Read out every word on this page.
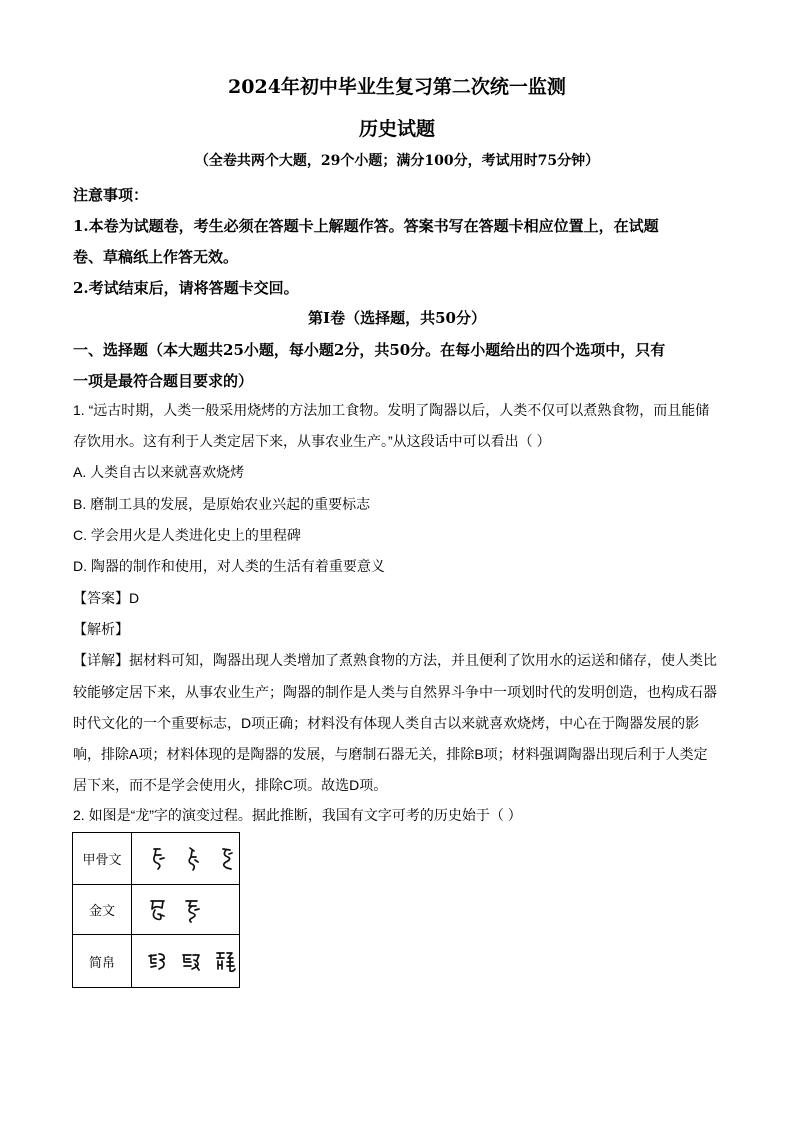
2024年初中毕业生复习第二次统一监测
历史试题
（全卷共两个大题，29个小题；满分100分，考试用时75分钟）
注意事项：
1.本卷为试题卷，考生必须在答题卡上解题作答。答案书写在答题卡相应位置上，在试题
卷、草稿纸上作答无效。
2.考试结束后，请将答题卡交回。
第Ⅰ卷（选择题，共50分）
一、选择题（本大题共25小题，每小题2分，共50分。在每小题给出的四个选项中，只有
一项是最符合题目要求的）
1. “远古时期，人类一般采用烧烤的方法加工食物。发明了陶器以后，人类不仅可以煮熟食物，而且能储
存饮用水。这有利于人类定居下来，从事农业生产。”从这段话中可以看出（ ）
A. 人类自古以来就喜欢烧烤
B. 磨制工具的发展，是原始农业兴起的重要标志
C. 学会用火是人类进化史上的里程碑
D. 陶器的制作和使用，对人类的生活有着重要意义
【答案】D
【解析】
【详解】据材料可知，陶器出现人类增加了煮熟食物的方法，并且便利了饮用水的运送和储存，使人类比
较能够定居下来，从事农业生产；陶器的制作是人类与自然界斗争中一项划时代的发明创造，也构成石器
时代文化的一个重要标志，D项正确；材料没有体现人类自古以来就喜欢烧烤，中心在于陶器发展的影
响，排除A项；材料体现的是陶器的发展，与磨制石器无关，排除B项；材料强调陶器出现后利于人类定
居下来，而不是学会使用火，排除C项。故选D项。
2. 如图是“龙”字的演变过程。据此推断，我国有文字可考的历史始于（ ）
甲骨文	

金文	

简帛	
